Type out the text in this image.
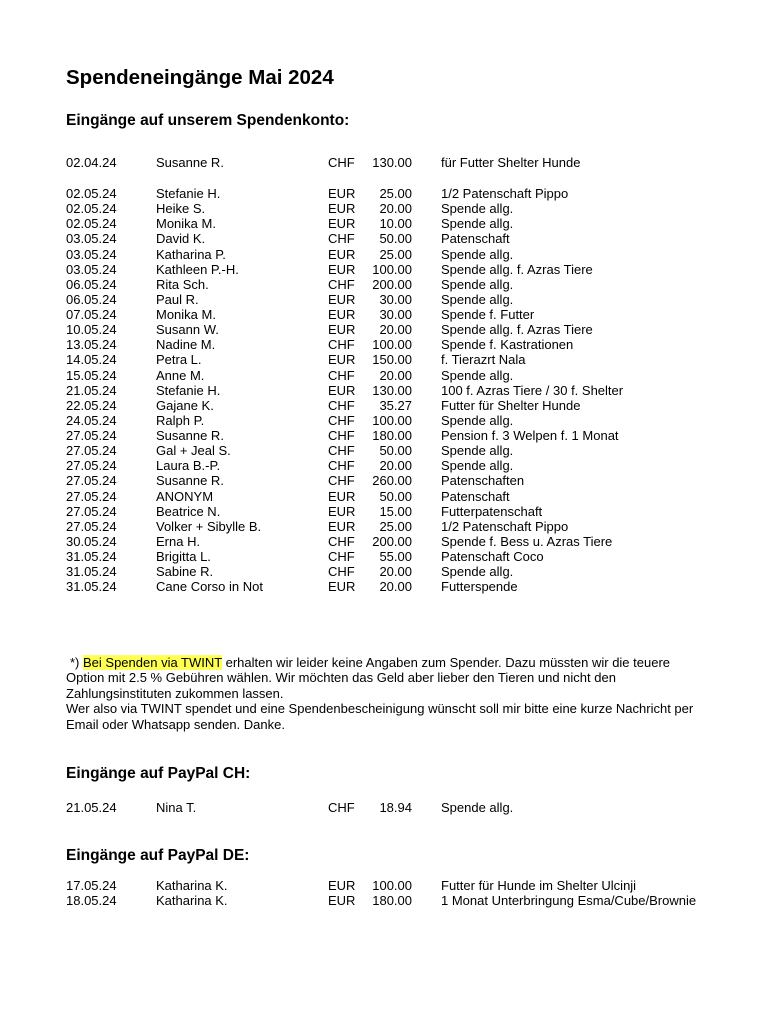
Spendeneingänge Mai 2024
Eingänge auf unserem Spendenkonto:
02.04.24	Susanne R.	CHF	130.00 für Futter Shelter Hunde
02.05.24	Stefanie H.	EUR	25.00 1/2 Patenschaft Pippo
02.05.24	Heike S.	EUR	20.00 Spende allg.
02.05.24	Monika M.	EUR	10.00 Spende allg.
03.05.24	David K.	CHF	50.00 Patenschaft
03.05.24	Katharina P.	EUR	25.00 Spende allg.
03.05.24	Kathleen P.-H.	EUR	100.00 Spende allg. f. Azras Tiere
06.05.24	Rita Sch.	CHF	200.00 Spende allg.
06.05.24	Paul R.	EUR	30.00 Spende allg.
07.05.24	Monika M.	EUR	30.00 Spende f. Futter
10.05.24	Susann W.	EUR	20.00 Spende allg. f. Azras Tiere
13.05.24	Nadine M.	CHF	100.00 Spende f. Kastrationen
14.05.24	Petra L.	EUR	150.00 f. Tierazrt Nala
15.05.24	Anne M.	CHF	20.00 Spende allg.
21.05.24	Stefanie H.	EUR	130.00 100 f. Azras Tiere / 30 f. Shelter
22.05.24	Gajane K.	CHF	35.27 Futter für Shelter Hunde
24.05.24	Ralph P.	CHF	100.00 Spende allg.
27.05.24	Susanne R.	CHF	180.00 Pension f. 3 Welpen f. 1 Monat
27.05.24	Gal + Jeal S.	CHF	50.00 Spende allg.
27.05.24	Laura B.-P.	CHF	20.00 Spende allg.
27.05.24	Susanne R.	CHF	260.00 Patenschaften
27.05.24	ANONYM	EUR	50.00 Patenschaft
27.05.24	Beatrice N.	EUR	15.00 Futterpatenschaft
27.05.24	Volker + Sibylle B.	EUR	25.00 1/2 Patenschaft Pippo
30.05.24	Erna H.	CHF	200.00 Spende f. Bess u. Azras Tiere
31.05.24	Brigitta L.	CHF	55.00 Patenschaft Coco
31.05.24	Sabine R.	CHF	20.00 Spende allg.
31.05.24	Cane Corso in Not	EUR	20.00 Futterspende

*) Bei Spenden via TWINT erhalten wir leider keine Angaben zum Spender. Dazu müssten wir die teuere

Option mit 2.5 % Gebühren wählen. Wir möchten das Geld aber lieber den Tieren und nicht den

Zahlungsinstituten zukommen lassen.

Wer also via TWINT spendet und eine Spendenbescheinigung wünscht soll mir bitte eine kurze Nachricht per

Email oder Whatsapp senden. Danke.

Eingänge auf PayPal CH:
21.05.24	Nina T.	CHF	18.94 Spende allg.
Eingänge auf PayPal DE:
17.05.24	Katharina K.	EUR	100.00 Futter für Hunde im Shelter Ulcinji
18.05.24	Katharina K.	EUR	180.00 1 Monat Unterbringung Esma/Cube/Brownie
